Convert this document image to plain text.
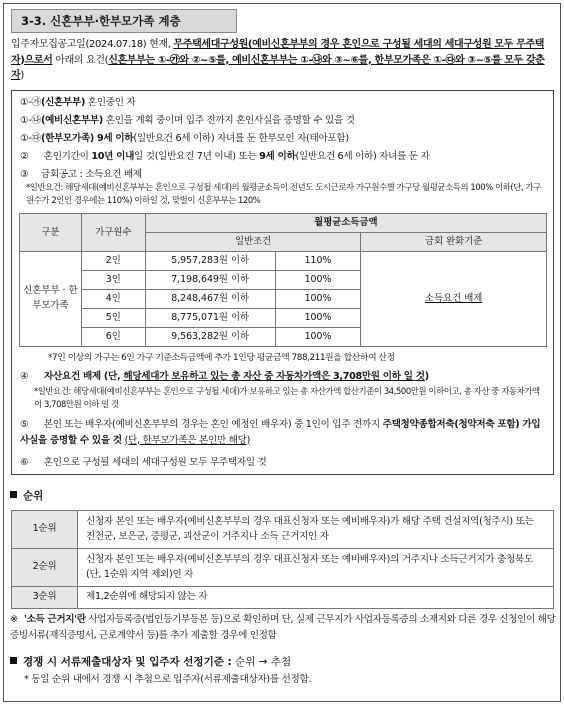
3-3. 신혼부부·한부모가족 계층
입주자모집공고일(2024.07.18) 현재, 무주택세대구성원(예비신혼부부의 경우 혼인으로 구성될 세대의 세대구성원 모두 무주택자)으로서 아래의 요건(신혼부부는 ①-㉮와 ②~⑤를, 예비신혼부부는 ①-㉯와 ③~⑥를, 한부모가족은 ①-㉰와 ③~⑤를 모두 갖춘 자)
①-㉮(신혼부부) 혼인중인 자
①-㉯(예비신혼부부) 혼인을 계획 중이며 입주 전까지 혼인사실을 증명할 수 있을 것
①-㉰(한부모가족) 9세 이하(일반요건 6세 이하) 자녀를 둔 한부모인 자(태아포함)
② 혼인기간이 10년 이내일 것(일반요건 7년 이내) 또는 9세 이하(일반요건 6세 이하) 자녀를 둔 자
③ 금회공고 : 소득요건 배제
*일반요건: 해당세대(예비신혼부부는 혼인으로 구성될 세대)의 월평균소득이 전년도 도시근로자 가구원수별 가구당 월평균소득의 100% 이하(단, 가구원수가 2인인 경우에는 110%) 이하일 것, 맞벌이 신혼부부는 120%
구분	가구원수	월평균소득금액		
		일반조건		금회 완화기준
신혼부부 · 한부모가족	2인	5,957,283원 이하	110%	소득요건 배제
	3인	7,198,649원 이하	100%	
	4인	8,248,467원 이하	100%	
	5인	8,775,071원 이하	100%	
	6인	9,563,282원 이하	100%	
*7인 이상의 가구는 6인 가구 기준소득금액에 추가 1인당 평균금액 788,211원을 합산하여 산정
④ 자산요건 배제 (단, 해당세대가 보유하고 있는 총 자산 중 자동차가액은 3,708만원 이하 일 것)
*일반요건: 해당세대(예비신혼부부는 혼인으로 구성될 세대)가 보유하고 있는 총 자산가액 합산기준이 34,500만원 이하이고, 총 자산 중 자동차가액이 3,708만원 이하 일 것
⑤ 본인 또는 배우자(예비신혼부부의 경우는 혼인 예정인 배우자) 중 1인이 입주 전까지 주택청약종합저축(청약저축 포함) 가입사실을 증명할 수 있을 것 (단, 한부모가족은 본인만 해당)
⑥ 혼인으로 구성될 세대의 세대구성원 모두 무주택자일 것
순위
1순위	신청자 본인 또는 배우자(예비신혼부부의 경우 대표신청자 또는 예비배우자)가 해당 주택 건설지역(청주시) 또는 진천군, 보은군, 증평군, 괴산군이 거주지나 소득 근거지인 자
2순위	신청자 본인 또는 배우자(예비신혼부부의 경우 대표신청자 또는 예비배우자)의 거주지나 소득근거지가 충청북도(단, 1순위 지역 제외)인 자
3순위	제1,2순위에 해당되지 않는 자
※ '소득 근거지'란 사업자등록증(법인등기부등본 등)으로 확인하며 단, 실제 근무지가 사업자등록증의 소재지와 다른 경우 신청인이 해당 증빙서류(재직증명서, 근로계약서 등)를 추가 제출할 경우에 인정함
경쟁 시 서류제출대상자 및 입주자 선정기준 : 순위 → 추첨
* 동일 순위 내에서 경쟁 시 추첨으로 입주자(서류제출대상자)를 선정함.
